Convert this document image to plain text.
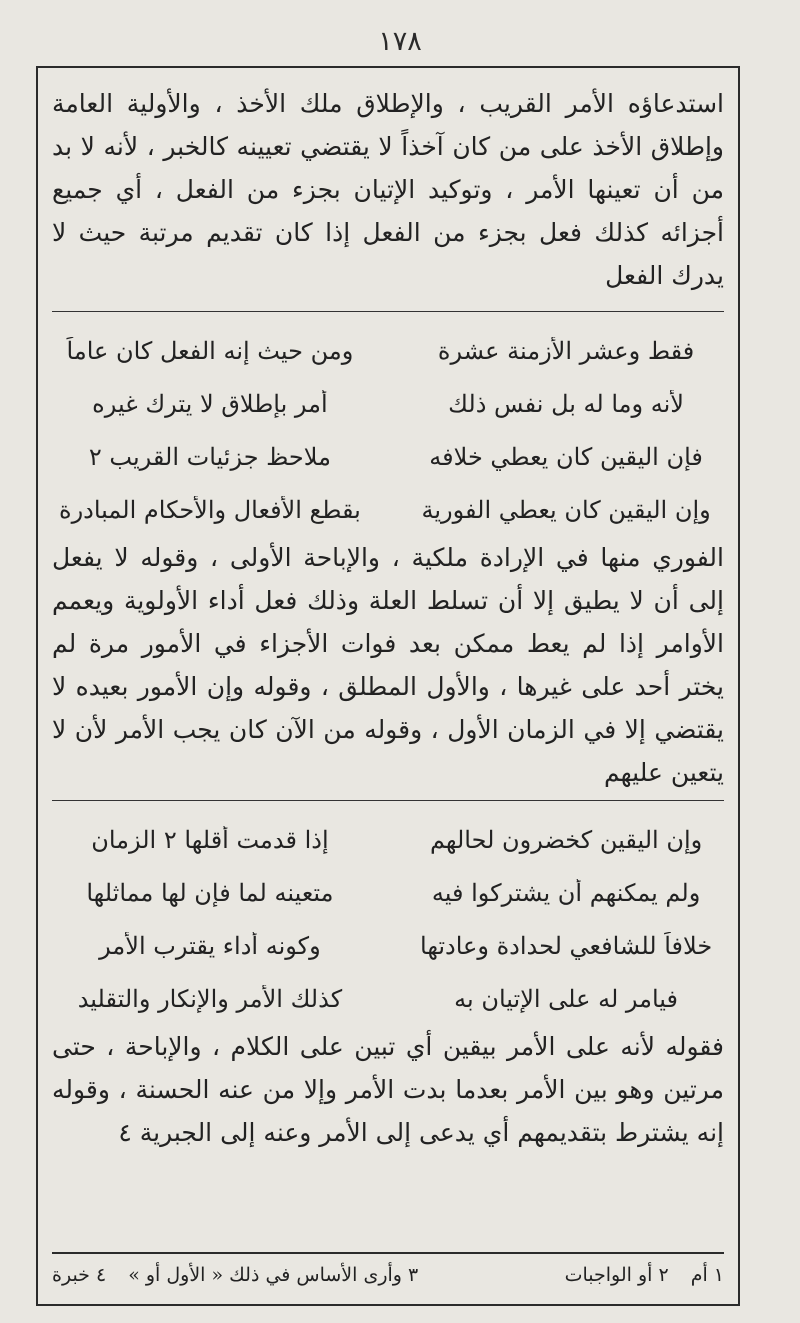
١٧٨

استدعاؤه الأمر القريب ، والإطلاق ملك الأخذ ، والأولية العامة وإطلاق الأخذ على من كان آخذاً لا يقتضي تعيينه كالخبر ، لأنه لا بد من أن تعينها الأمر ، وتوكيد الإتيان بجزء من الفعل ، أي جميع أجزائه كذلك فعل بجزء من الفعل إذا كان تقديم مرتبة حيث لا يدرك الفعل

فقط وعشر الأزمنة عشرة
ومن حيث إنه الفعل كان عاماً
لأنه وما له بل نفس ذلك
أمر بإطلاق لا يترك غيره
فإن اليقين كان يعطي خلافه
ملاحظ جزئيات القريب ٢
وإن اليقين كان يعطي الفورية
بقطع الأفعال والأحكام المبادرة

الفوري منها في الإرادة ملكية ، والإباحة الأولى ، وقوله لا يفعل إلى أن لا يطيق إلا أن تسلط العلة وذلك فعل أداء الأولوية ويعمم الأوامر إذا لم يعط ممكن بعد فوات الأجزاء في الأمور مرة لم يختر أحد على غيرها ، والأول المطلق ، وقوله وإن الأمور بعيده لا يقتضي إلا في الزمان الأول ، وقوله من الآن كان يجب الأمر لأن لا يتعين عليهم

وإن اليقين كخضرون لحالهم
إذا قدمت أقلها ٢ الزمان
ولم يمكنهم أن يشتركوا فيه
متعينه لما فإن لها مماثلها
خلافاً للشافعي لحدادة وعادتها
وكونه أداء يقترب الأمر
فيامر له على الإتيان به
كذلك الأمر والإنكار والتقليد

فقوله لأنه على الأمر بيقين أي تبين على الكلام ، والإباحة ، حتى مرتين وهو بين الأمر بعدما بدت الأمر وإلا من عنه الحسنة ، وقوله إنه يشترط بتقديمهم أي يدعى إلى الأمر وعنه إلى الجبرية ٤

١ أم
٢ أو الواجبات
٣ وأرى الأساس في ذلك « الأول أو »
٤ خبرة
